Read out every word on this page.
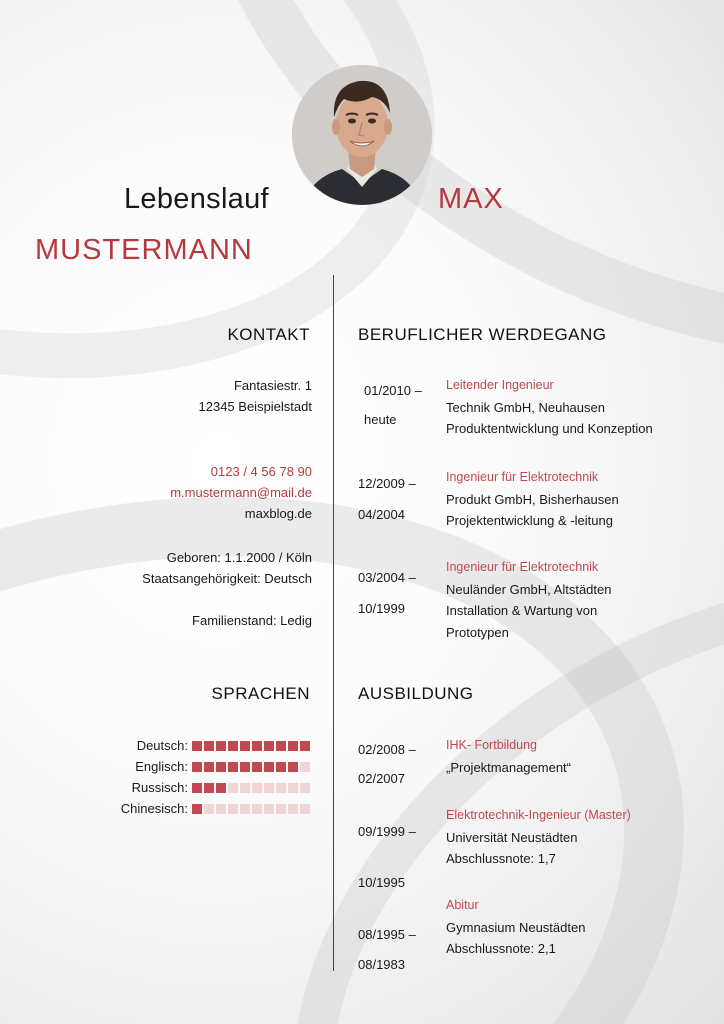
Lebenslauf	MAX
MUSTERMANN
KONTAKT
Fantasiestr. 1
12345 Beispielstadt
0123 / 4 56 78 90
m.mustermann@mail.de
maxblog.de
Geboren: 1.1.2000 / Köln
Staatsangehörigkeit: Deutsch
Familienstand: Ledig
SPRACHEN
Deutsch:
Englisch:
Russisch:
Chinesisch:
BERUFLICHER WERDEGANG
01/2010 –
heute
Leitender Ingenieur
Technik GmbH, Neuhausen
Produktentwicklung und Konzeption
12/2009 –
04/2004
Ingenieur für Elektrotechnik
Produkt GmbH, Bisherhausen
Projektentwicklung & -leitung
03/2004 –
10/1999
Ingenieur für Elektrotechnik
Neuländer GmbH, Altstädten
Installation & Wartung von
Prototypen
AUSBILDUNG
02/2008 –
02/2007
IHK- Fortbildung
„Projektmanagement“
09/1999 –
10/1995
Elektrotechnik-Ingenieur (Master)
Universität Neustädten
Abschlussnote: 1,7
08/1995 –
08/1983
Abitur
Gymnasium Neustädten
Abschlussnote: 2,1
